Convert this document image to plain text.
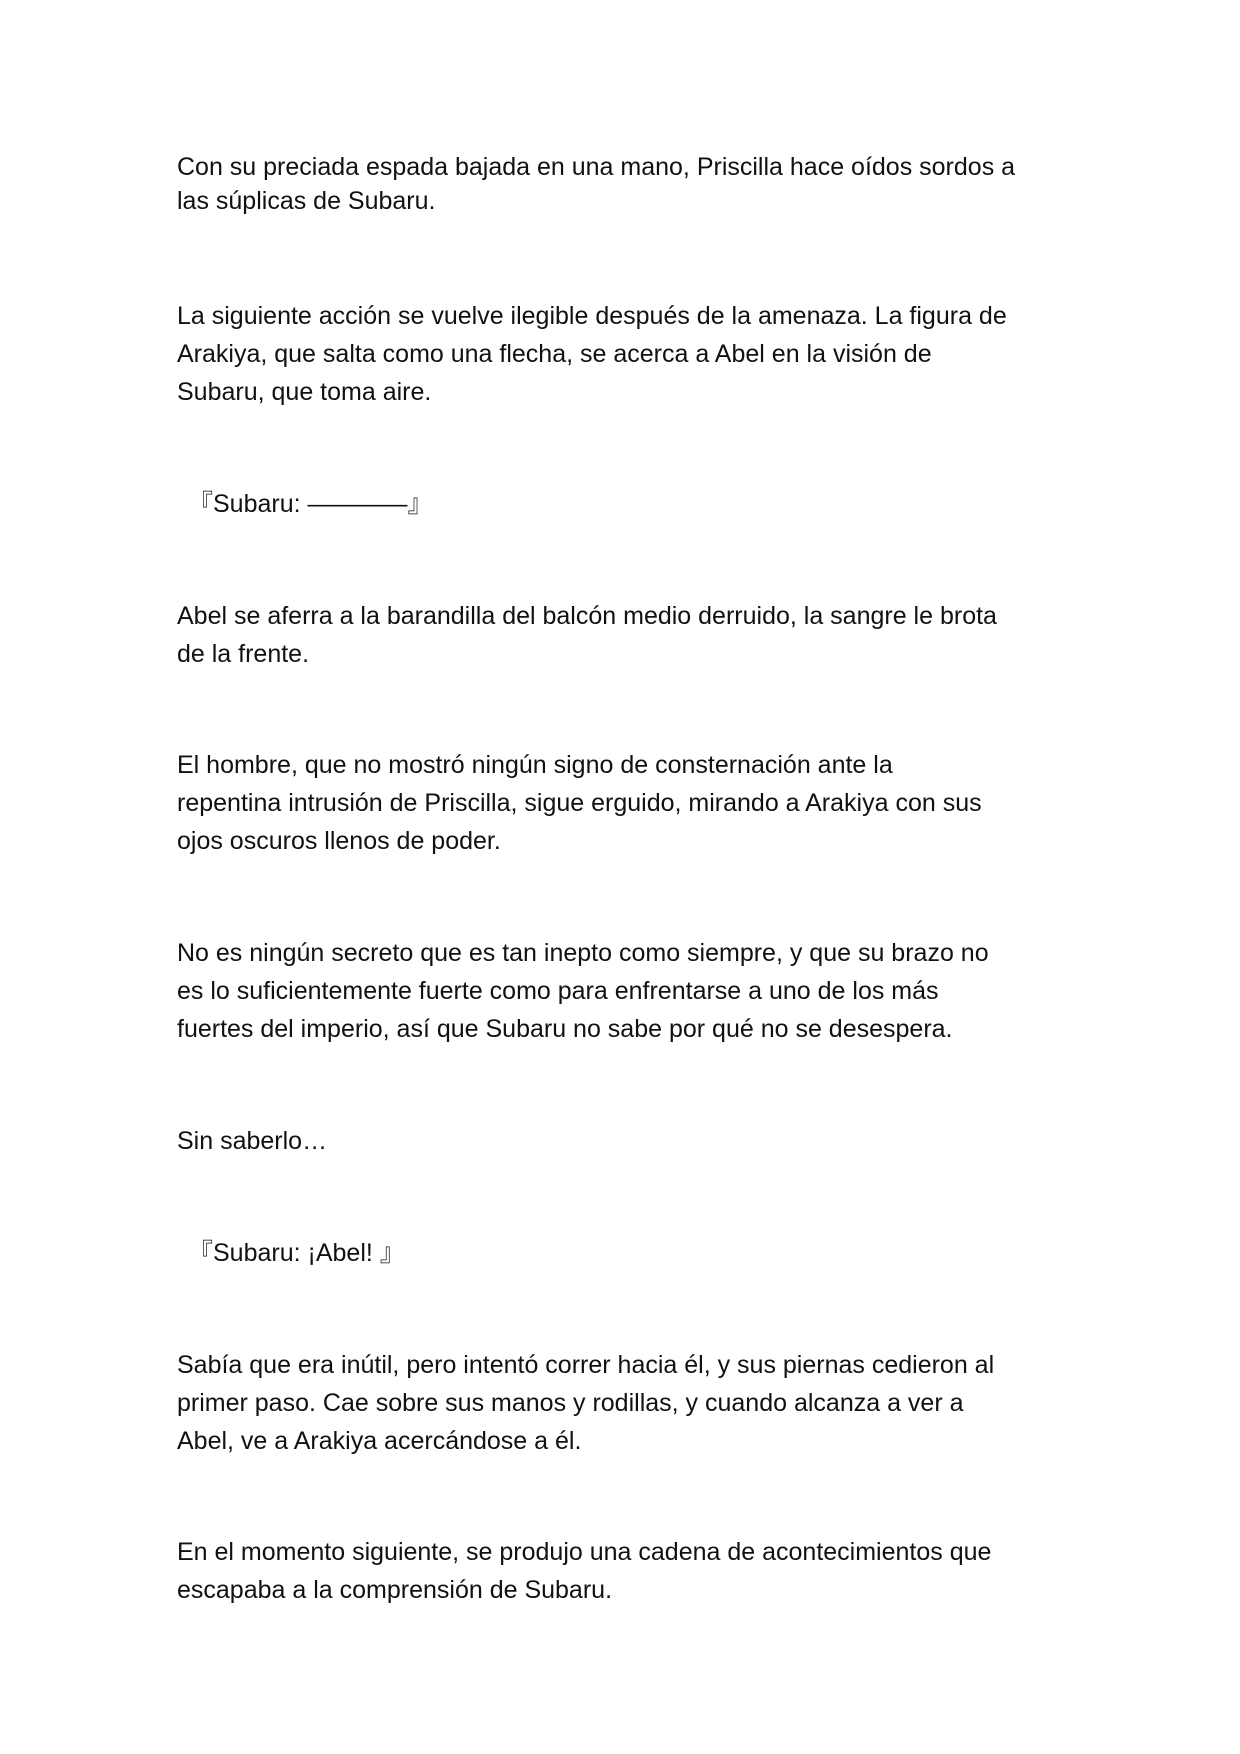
Con su preciada espada bajada en una mano, Priscilla hace oídos sordos a

las súplicas de Subaru.

La siguiente acción se vuelve ilegible después de la amenaza. La figura de

Arakiya, que salta como una flecha, se acerca a Abel en la visión de

Subaru, que toma aire.

『Subaru: ————』

Abel se aferra a la barandilla del balcón medio derruido, la sangre le brota

de la frente.

El hombre, que no mostró ningún signo de consternación ante la

repentina intrusión de Priscilla, sigue erguido, mirando a Arakiya con sus

ojos oscuros llenos de poder.

No es ningún secreto que es tan inepto como siempre, y que su brazo no

es lo suficientemente fuerte como para enfrentarse a uno de los más

fuertes del imperio, así que Subaru no sabe por qué no se desespera.

Sin saberlo…

『Subaru: ¡Abel! 』

Sabía que era inútil, pero intentó correr hacia él, y sus piernas cedieron al

primer paso. Cae sobre sus manos y rodillas, y cuando alcanza a ver a

Abel, ve a Arakiya acercándose a él.

En el momento siguiente, se produjo una cadena de acontecimientos que

escapaba a la comprensión de Subaru.
